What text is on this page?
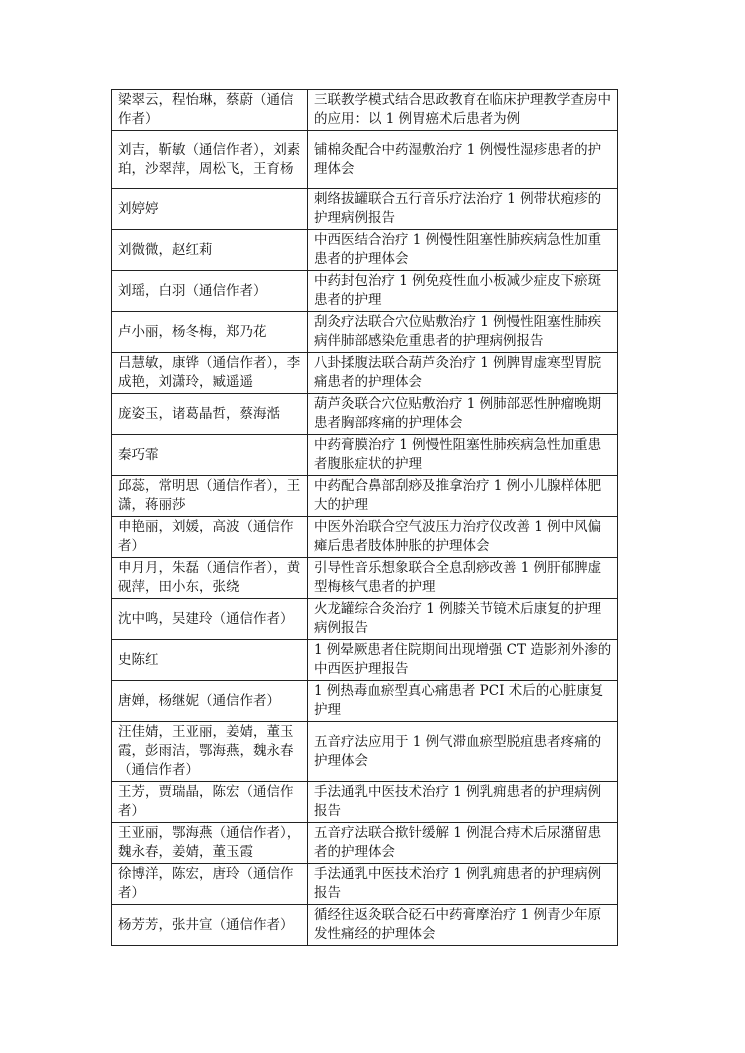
梁翠云，程怡琳，蔡蔚（通信作者）	三联教学模式结合思政教育在临床护理教学查房中的应用：以 1 例胃癌术后患者为例
刘吉，靳敏（通信作者），刘素珀，沙翠萍，周松飞，王育杨	铺棉灸配合中药湿敷治疗 1 例慢性湿疹患者的护理体会
刘婷婷	刺络拔罐联合五行音乐疗法治疗 1 例带状疱疹的护理病例报告
刘微微，赵红莉	中西医结合治疗 1 例慢性阻塞性肺疾病急性加重患者的护理体会
刘瑶，白羽（通信作者）	中药封包治疗 1 例免疫性血小板减少症皮下瘀斑患者的护理
卢小丽，杨冬梅，郑乃花	刮灸疗法联合穴位贴敷治疗 1 例慢性阻塞性肺疾病伴肺部感染危重患者的护理病例报告
吕慧敏，康铧（通信作者），李成艳，刘潇玲，臧遥遥	八卦揉腹法联合葫芦灸治疗 1 例脾胃虚寒型胃脘痛患者的护理体会
庞姿玉，诸葛晶哲，蔡海湉	葫芦灸联合穴位贴敷治疗 1 例肺部恶性肿瘤晚期患者胸部疼痛的护理体会
秦巧霏	中药膏膜治疗 1 例慢性阻塞性肺疾病急性加重患者腹胀症状的护理
邱蕊，常明思（通信作者），王潇，蒋丽莎	中药配合鼻部刮痧及推拿治疗 1 例小儿腺样体肥大的护理
申艳丽，刘媛，高波（通信作者）	中医外治联合空气波压力治疗仪改善 1 例中风偏瘫后患者肢体肿胀的护理体会
申月月，朱磊（通信作者），黄砚萍，田小东，张绕	引导性音乐想象联合全息刮痧改善 1 例肝郁脾虚型梅核气患者的护理
沈中鸣，吴建玲（通信作者）	火龙罐综合灸治疗 1 例膝关节镜术后康复的护理病例报告
史陈红	1 例晕厥患者住院期间出现增强 CT 造影剂外渗的中西医护理报告
唐婵，杨继妮（通信作者）	1 例热毒血瘀型真心痛患者 PCI 术后的心脏康复护理
汪佳婧，王亚丽，姜婧，董玉霞，彭雨洁，鄂海燕，魏永春（通信作者）	五音疗法应用于 1 例气滞血瘀型脱疽患者疼痛的护理体会
王芳，贾瑞晶，陈宏（通信作者）	手法通乳中医技术治疗 1 例乳痈患者的护理病例报告
王亚丽，鄂海燕（通信作者），魏永春，姜婧，董玉霞	五音疗法联合揿针缓解 1 例混合痔术后尿潴留患者的护理体会
徐博洋，陈宏，唐玲（通信作者）	手法通乳中医技术治疗 1 例乳痈患者的护理病例报告
杨芳芳，张井宣（通信作者）	循经往返灸联合砭石中药膏摩治疗 1 例青少年原发性痛经的护理体会
